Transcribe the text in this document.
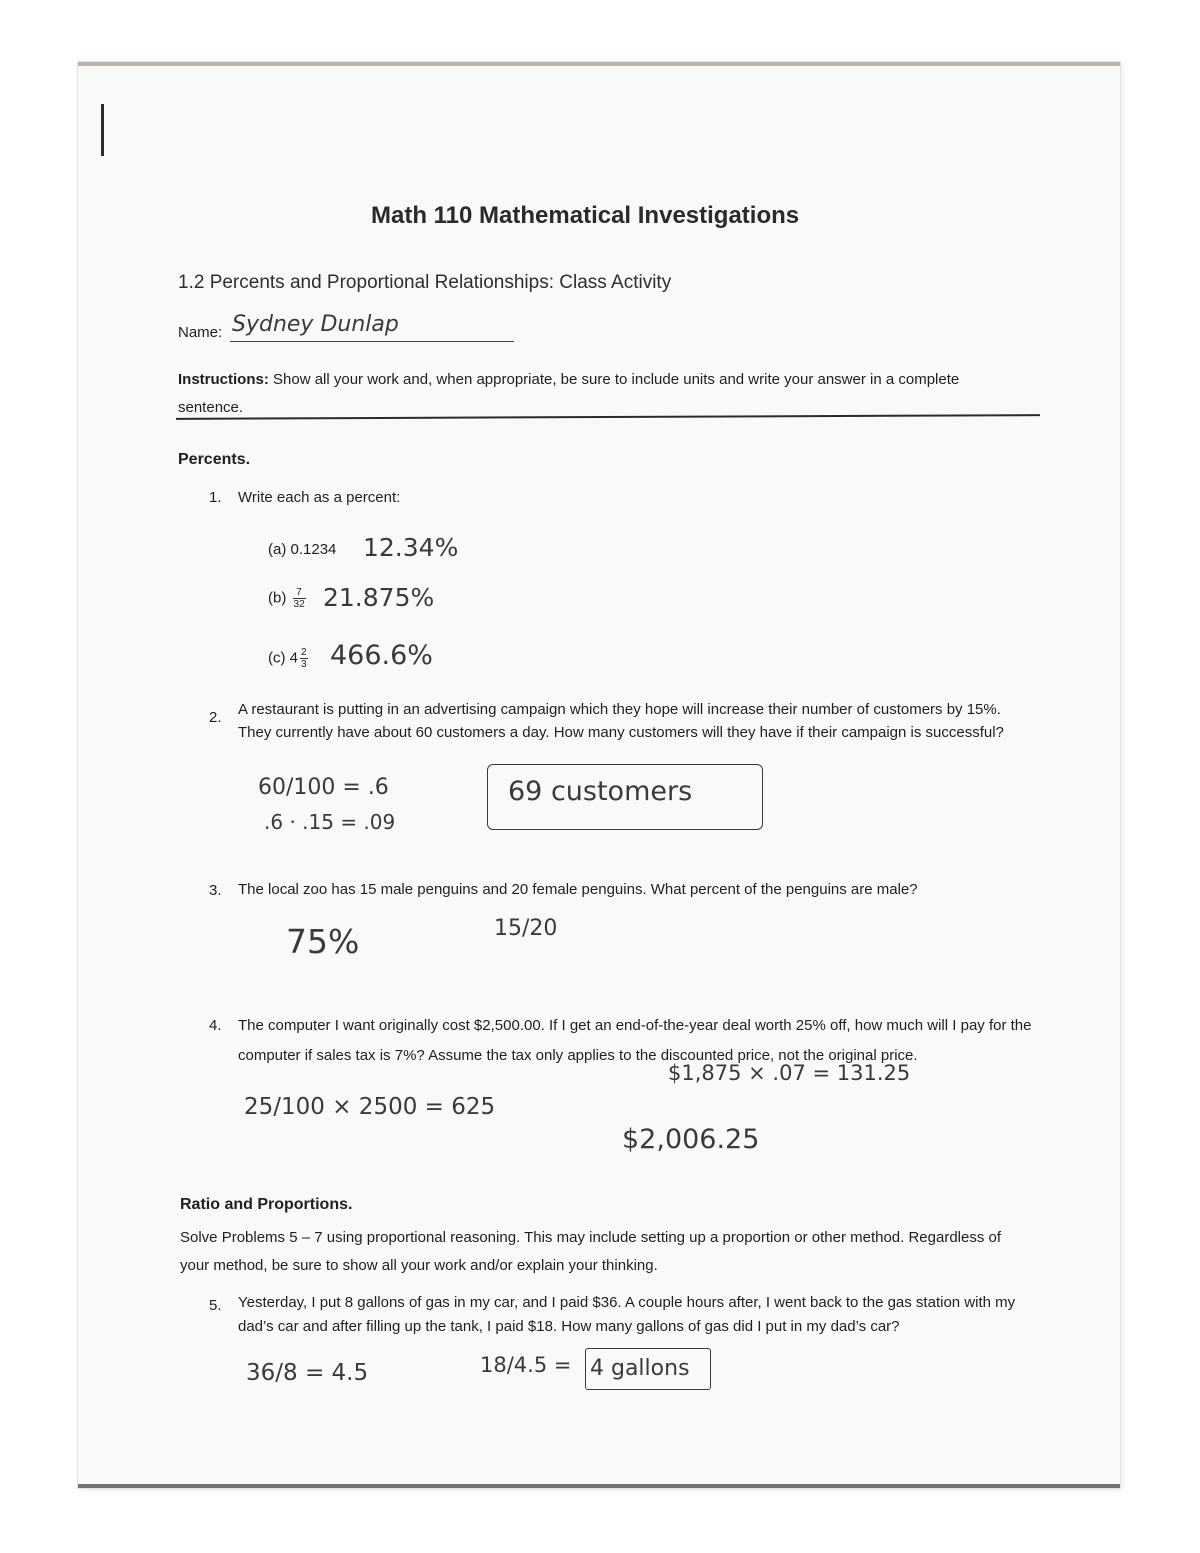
Math 110 Mathematical Investigations
1.2 Percents and Proportional Relationships: Class Activity
Name: Sydney Dunlap
Instructions: Show all your work and, when appropriate, be sure to include units and write your answer in a complete sentence.
Percents.
1. Write each as a percent:
(a) 0.1234 12.34%
$(b) \frac{7}{32} 21.875\%$
(c) $4 \frac{2}{3} 466.6\%$
2. A restaurant is putting in an advertising campaign which they hope will increase their number of customers by 15%. They currently have about 60 customers a day. How many customers will they have if their campaign is successful?
60/100 = .6
.6 · .15 = .09
69 customers
3. The local zoo has 15 male penguins and 20 female penguins. What percent of the penguins are male?
15/20
75%
4. The computer I want originally cost $2,500.00. If I get an end-of-the-year deal worth 25% off, how much will I pay for the computer if sales tax is 7%? Assume the tax only applies to the discounted price, not the original price.
$1,875 × .07 = 131.25
25/100 × 2500 = 625
$2,006.25
Ratio and Proportions.
Solve Problems 5 – 7 using proportional reasoning. This may include setting up a proportion or other method. Regardless of your method, be sure to show all your work and/or explain your thinking.
5. Yesterday, I put 8 gallons of gas in my car, and I paid $36. A couple hours after, I went back to the gas station with my dad’s car and after filling up the tank, I paid $18. How many gallons of gas did I put in my dad’s car?
36/8 = 4.5	18/4.5 = 4 gallons
